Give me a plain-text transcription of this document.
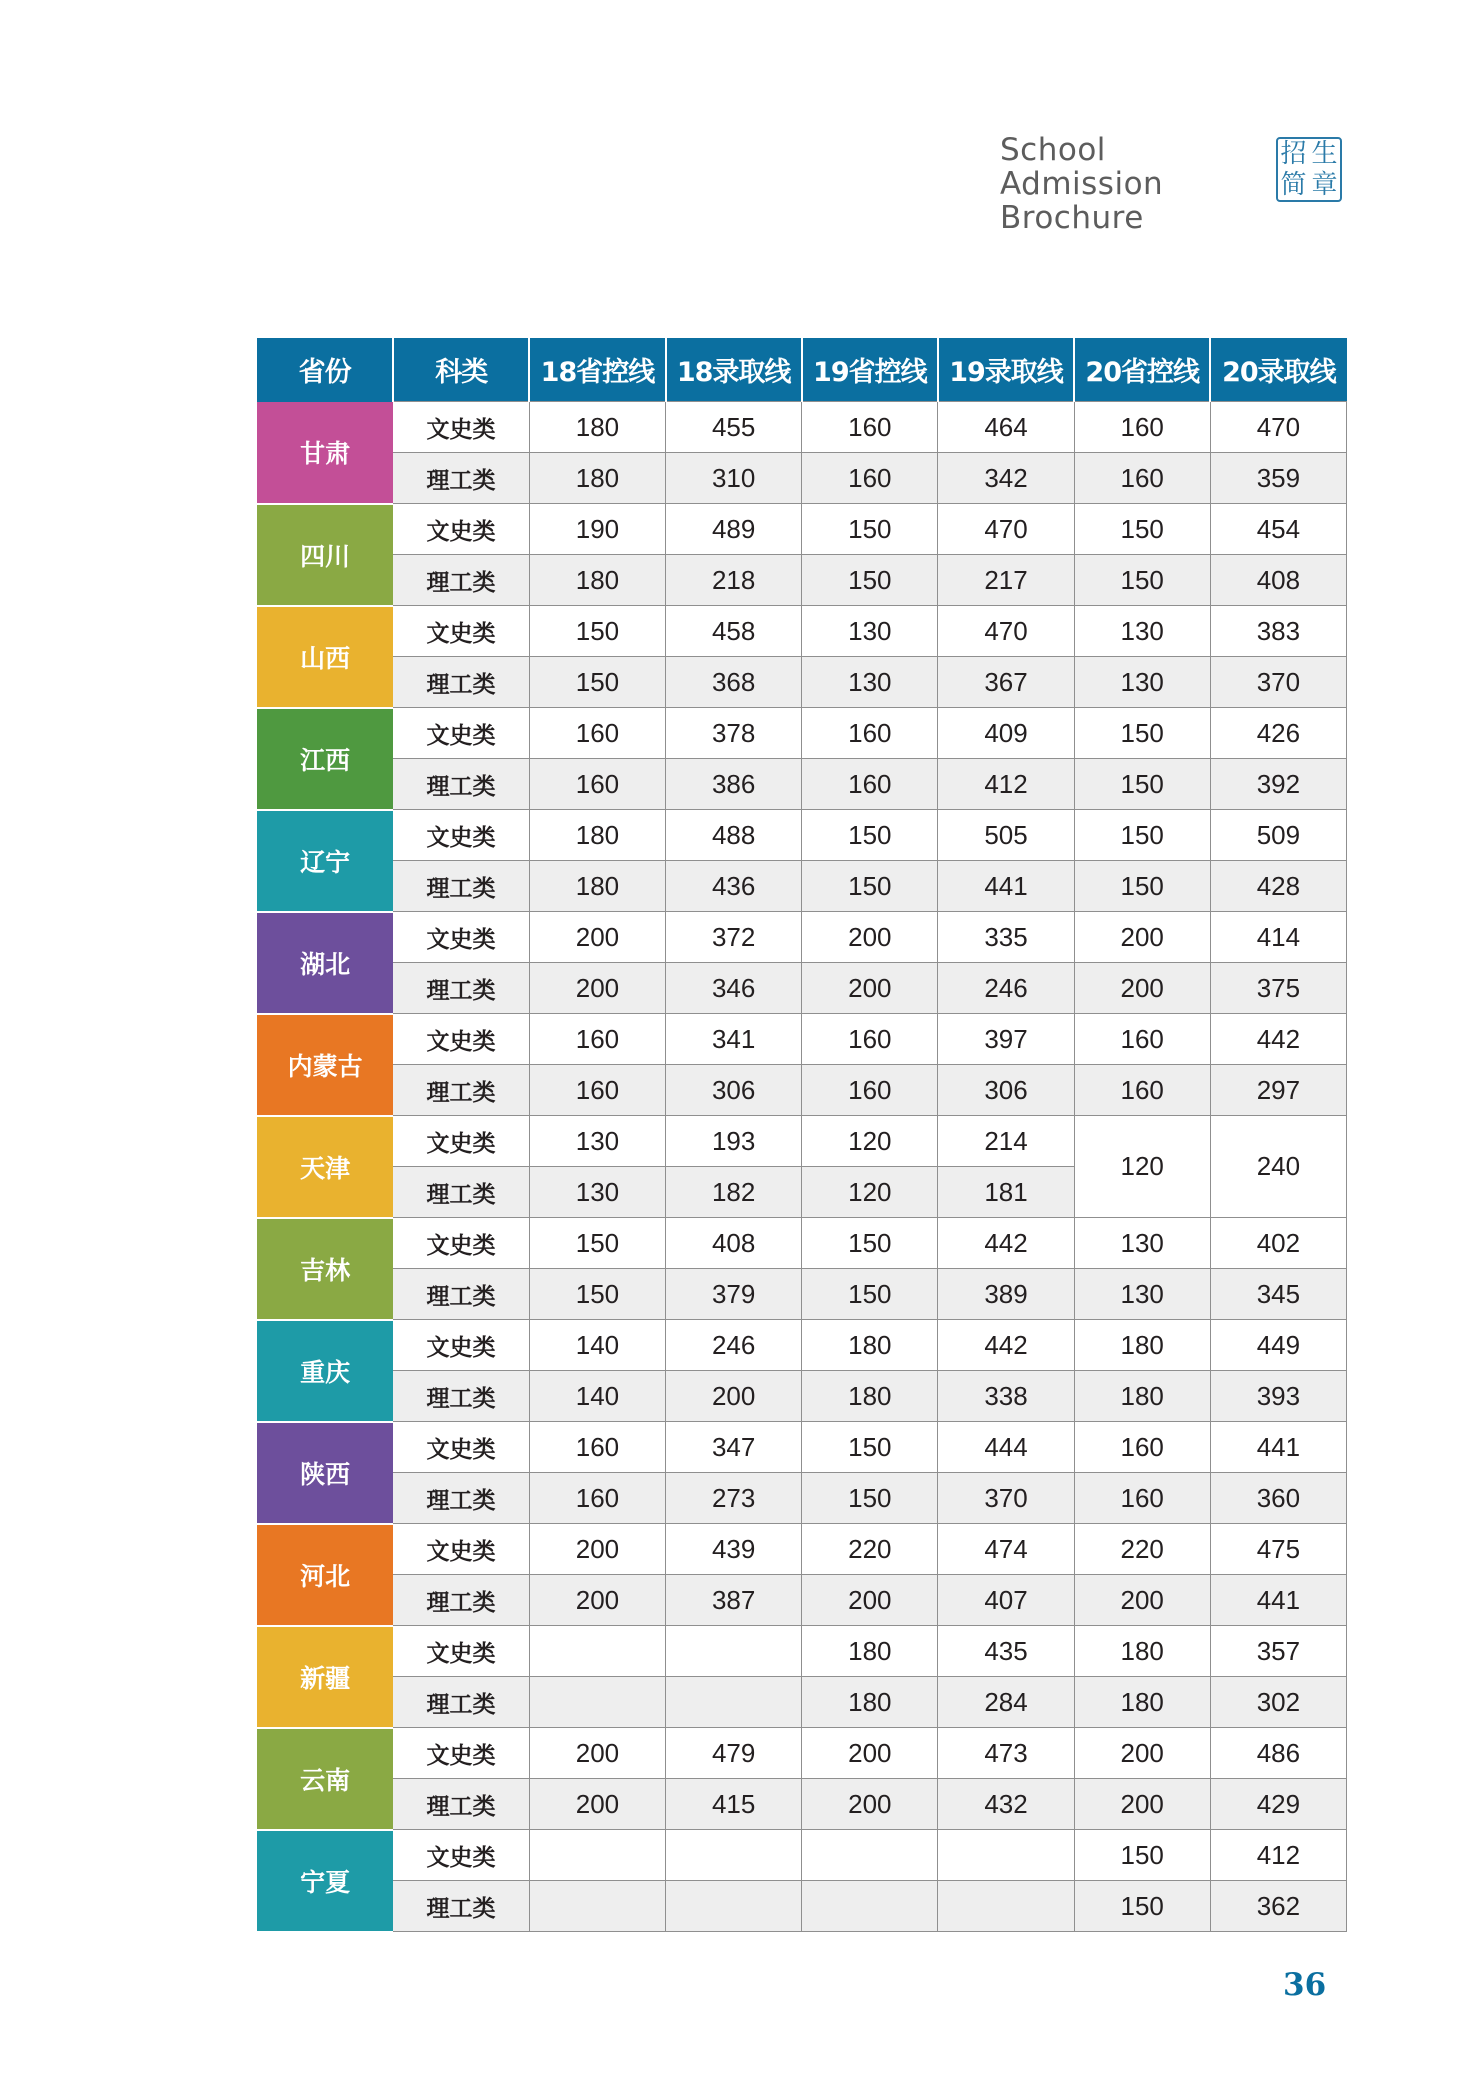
School Admission
Brochure
招 生
简 章
省份	科类	18省控线	18录取线	19省控线	19录取线	20省控线	20录取线
甘肃	文史类	180	455	160	464	160	470
	理工类	180	310	160	342	160	359
四川	文史类	190	489	150	470	150	454
	理工类	180	218	150	217	150	408
山西	文史类	150	458	130	470	130	383
	理工类	150	368	130	367	130	370
江西	文史类	160	378	160	409	150	426
	理工类	160	386	160	412	150	392
辽宁	文史类	180	488	150	505	150	509
	理工类	180	436	150	441	150	428
湖北	文史类	200	372	200	335	200	414
	理工类	200	346	200	246	200	375
内蒙古	文史类	160	341	160	397	160	442
	理工类	160	306	160	306	160	297
天津	文史类	130	193	120	214	120	240
	理工类	130	182	120	181		
吉林	文史类	150	408	150	442	130	402
	理工类	150	379	150	389	130	345
重庆	文史类	140	246	180	442	180	449
	理工类	140	200	180	338	180	393
陕西	文史类	160	347	150	444	160	441
	理工类	160	273	150	370	160	360
河北	文史类	200	439	220	474	220	475
	理工类	200	387	200	407	200	441
新疆	文史类			180	435	180	357
	理工类			180	284	180	302
云南	文史类	200	479	200	473	200	486
	理工类	200	415	200	432	200	429
宁夏	文史类					150	412
	理工类					150	362
36
